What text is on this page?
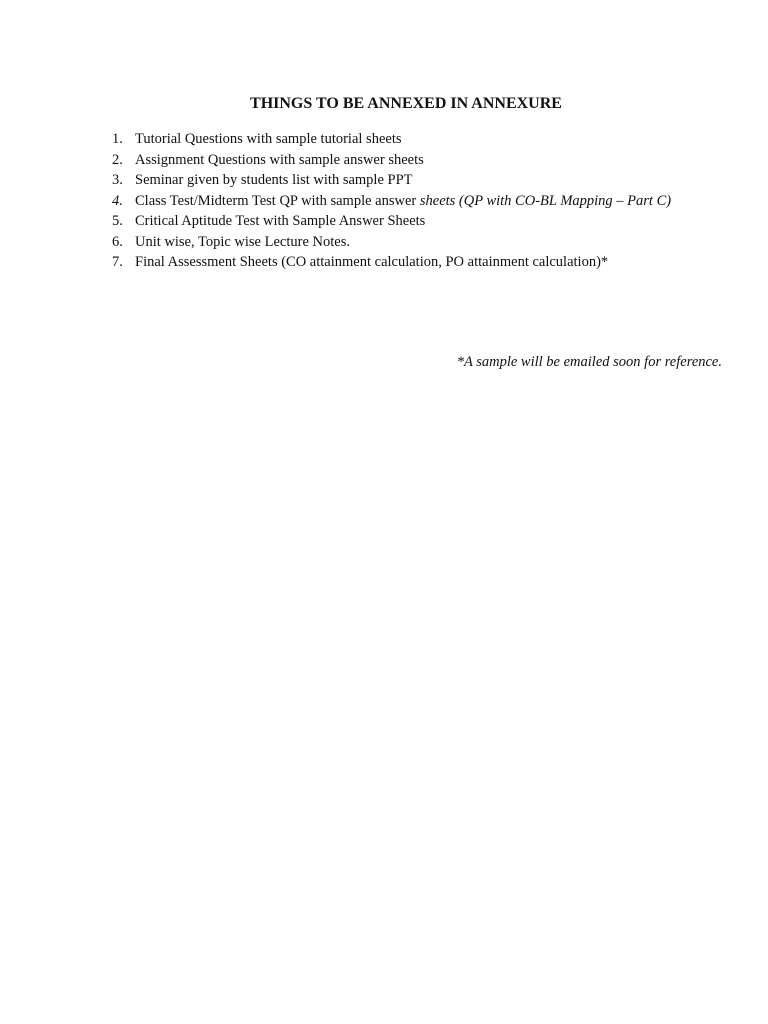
THINGS TO BE ANNEXED IN ANNEXURE
1. Tutorial Questions with sample tutorial sheets
2. Assignment Questions with sample answer sheets
3. Seminar given by students list with sample PPT
4. Class Test/Midterm Test QP with sample answer sheets (QP with CO-BL Mapping – Part C)
5. Critical Aptitude Test with Sample Answer Sheets
6. Unit wise, Topic wise Lecture Notes.
7. Final Assessment Sheets (CO attainment calculation, PO attainment calculation)*
*A sample will be emailed soon for reference.
